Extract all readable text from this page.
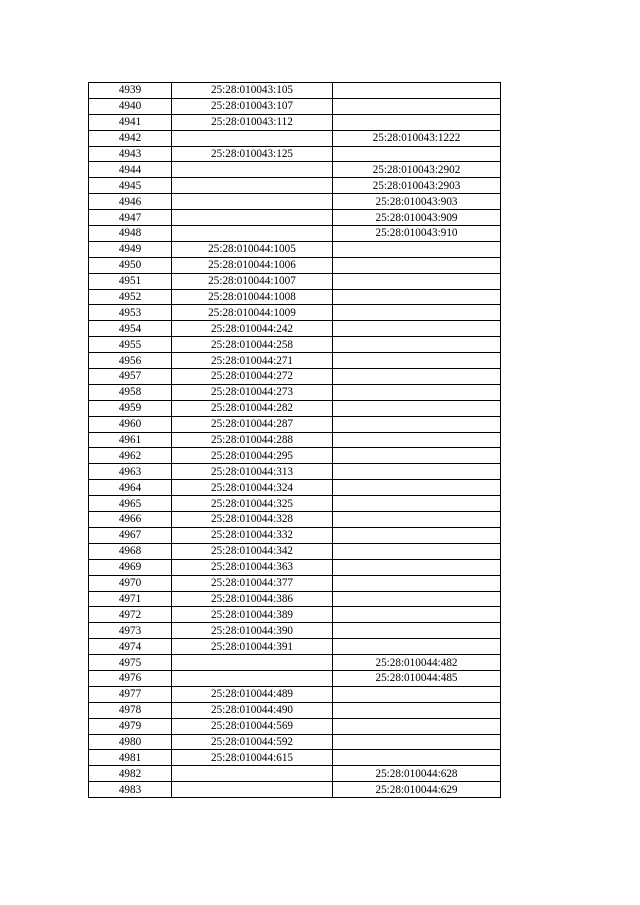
4939	25:28:010043:105	
4940	25:28:010043:107	
4941	25:28:010043:112	
4942		25:28:010043:1222
4943	25:28:010043:125	
4944		25:28:010043:2902
4945		25:28:010043:2903
4946		25:28:010043:903
4947		25:28:010043:909
4948		25:28:010043:910
4949	25:28:010044:1005	
4950	25:28:010044:1006	
4951	25:28:010044:1007	
4952	25:28:010044:1008	
4953	25:28:010044:1009	
4954	25:28:010044:242	
4955	25:28:010044:258	
4956	25:28:010044:271	
4957	25:28:010044:272	
4958	25:28:010044:273	
4959	25:28:010044:282	
4960	25:28:010044:287	
4961	25:28:010044:288	
4962	25:28:010044:295	
4963	25:28:010044:313	
4964	25:28:010044:324	
4965	25:28:010044:325	
4966	25:28:010044:328	
4967	25:28:010044:332	
4968	25:28:010044:342	
4969	25:28:010044:363	
4970	25:28:010044:377	
4971	25:28:010044:386	
4972	25:28:010044:389	
4973	25:28:010044:390	
4974	25:28:010044:391	
4975		25:28:010044:482
4976		25:28:010044:485
4977	25:28:010044:489	
4978	25:28:010044:490	
4979	25:28:010044:569	
4980	25:28:010044:592	
4981	25:28:010044:615	
4982		25:28:010044:628
4983		25:28:010044:629
